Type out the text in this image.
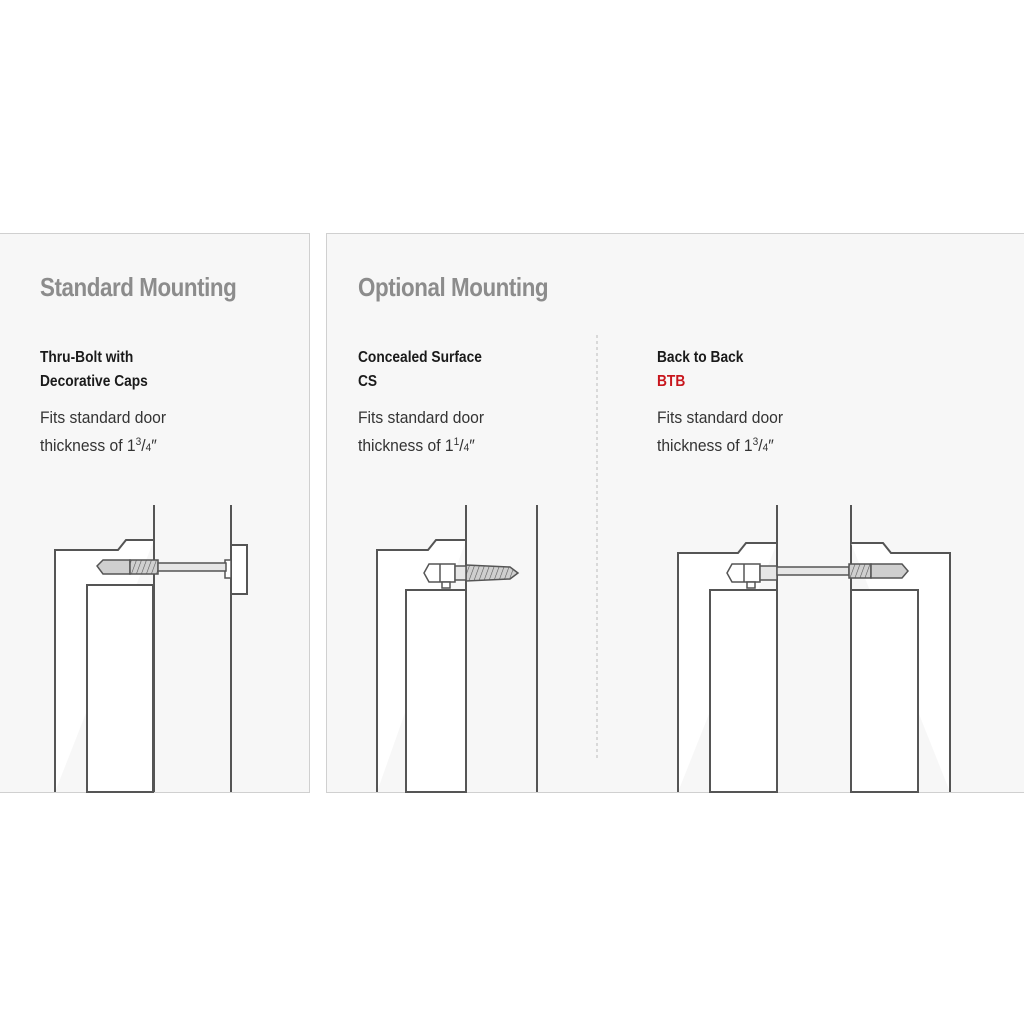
Standard Mounting
Thru-Bolt with
Decorative Caps
Fits standard door
thickness of $1^3/4''$
Optional Mounting
Concealed Surface
CS
Fits standard door
thickness of $1^1/4''$
Back to Back
BTB
Fits standard door
thickness of $1^3/4''$
